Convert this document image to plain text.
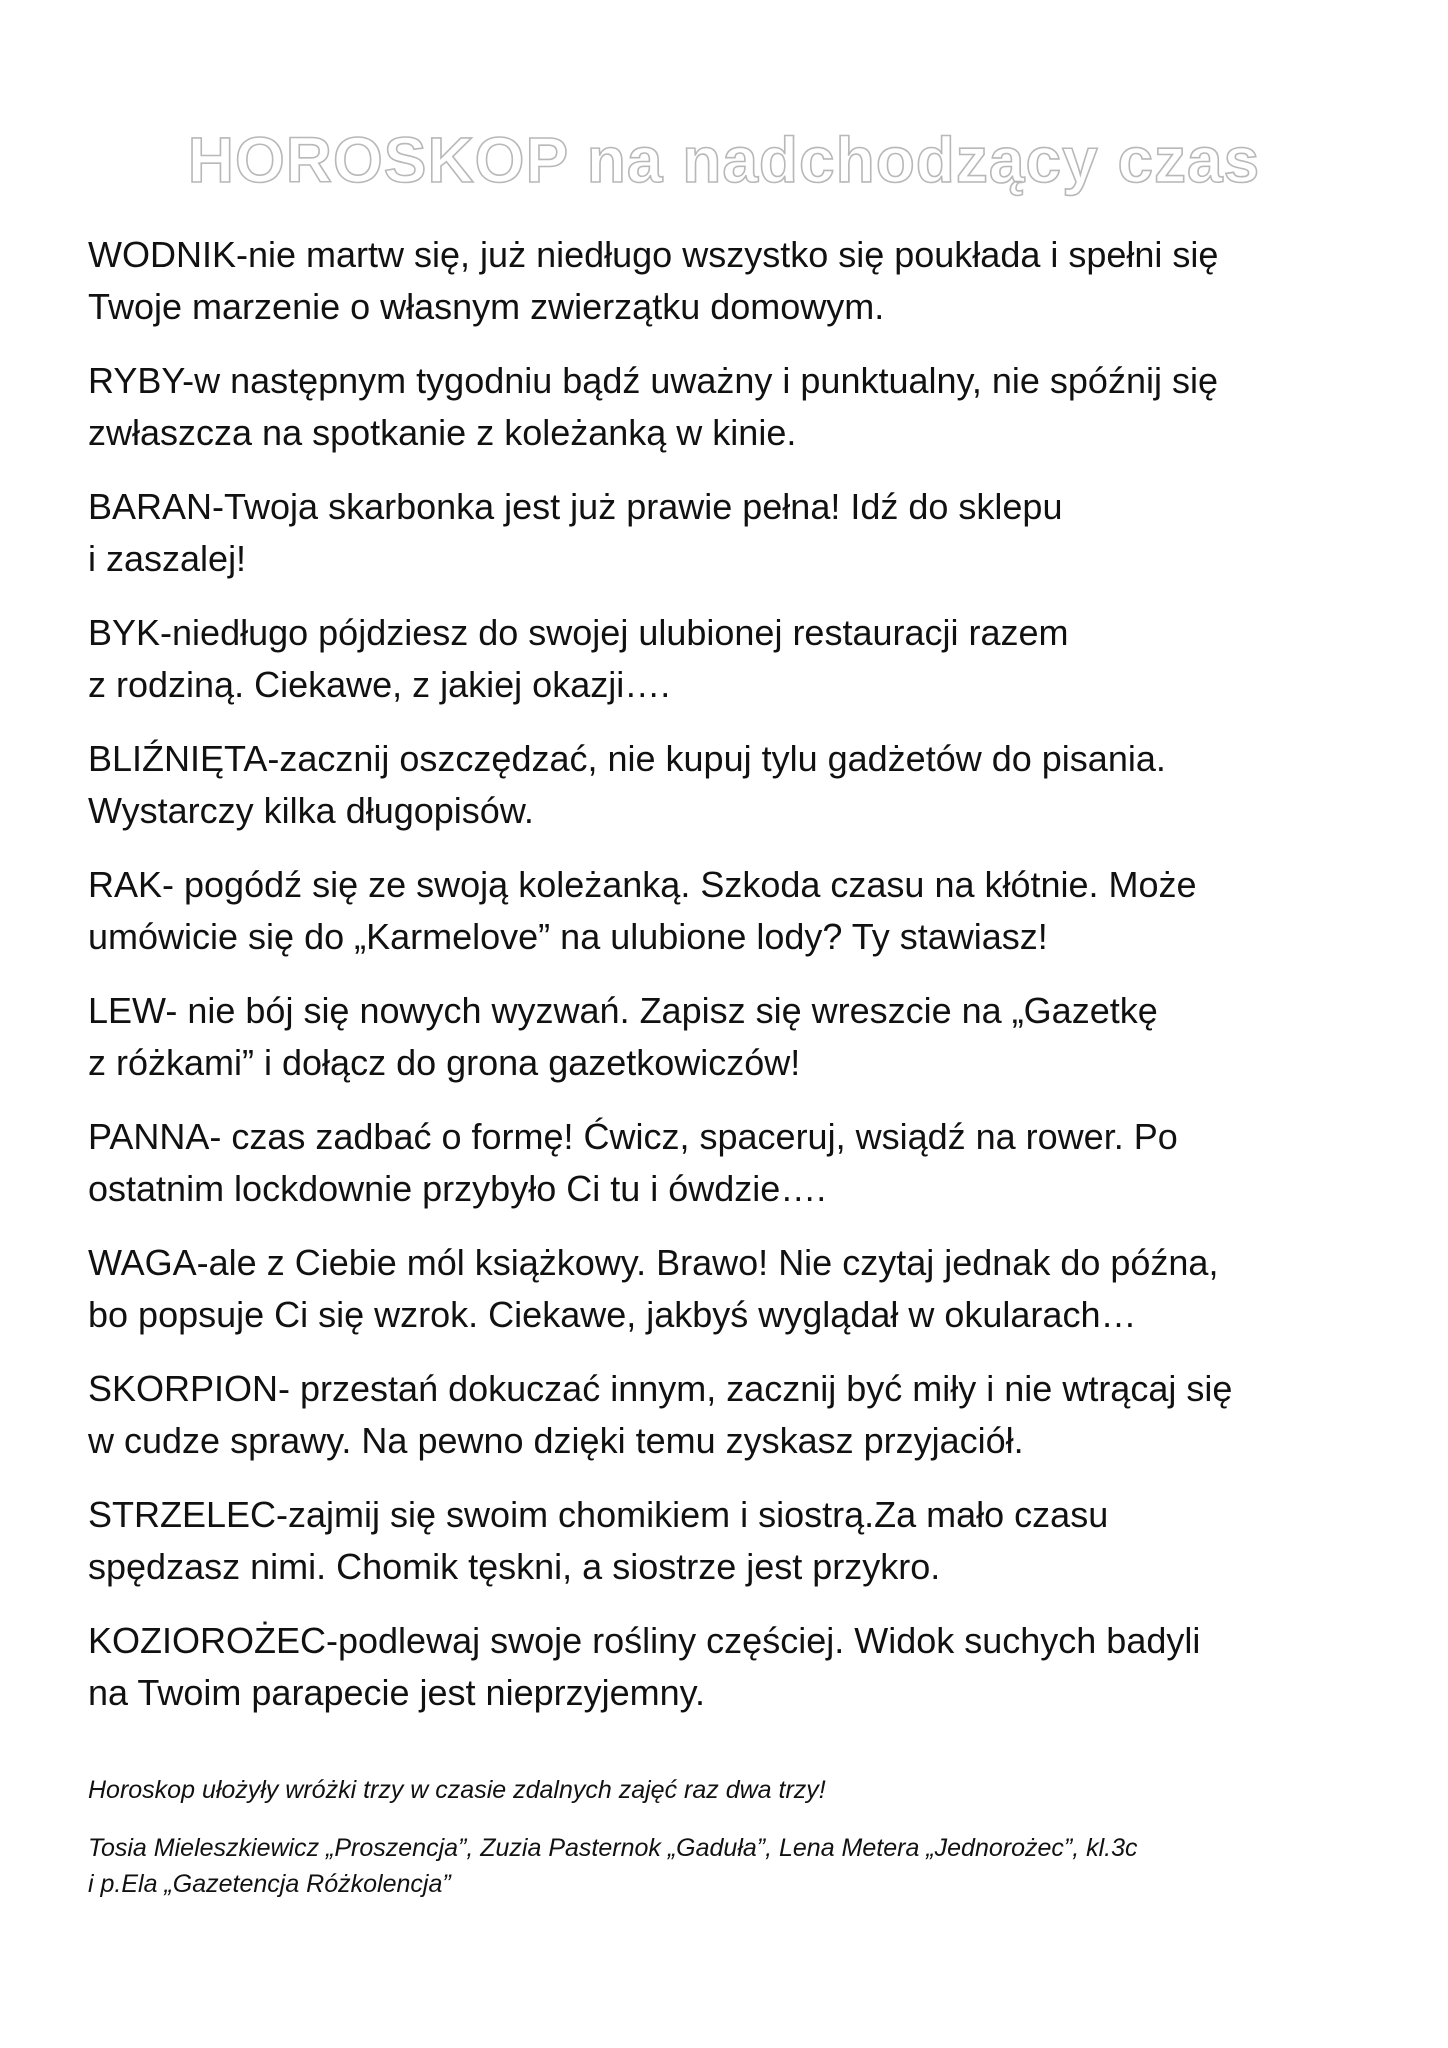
HOROSKOP na nadchodzący czas

WODNIK-nie martw się, już niedługo wszystko się poukłada i spełni się
Twoje marzenie o własnym zwierzątku domowym.

RYBY-w następnym tygodniu bądź uważny i punktualny, nie spóźnij się
zwłaszcza na spotkanie z koleżanką w kinie.

BARAN-Twoja skarbonka jest już prawie pełna! Idź do sklepu
i zaszalej!

BYK-niedługo pójdziesz do swojej ulubionej restauracji razem
z rodziną. Ciekawe, z jakiej okazji….

BLIŹNIĘTA-zacznij oszczędzać, nie kupuj tylu gadżetów do pisania.
Wystarczy kilka długopisów.

RAK- pogódź się ze swoją koleżanką. Szkoda czasu na kłótnie. Może
umówicie się do „Karmelove” na ulubione lody? Ty stawiasz!

LEW- nie bój się nowych wyzwań. Zapisz się wreszcie na „Gazetkę
z różkami” i dołącz do grona gazetkowiczów!

PANNA- czas zadbać o formę! Ćwicz, spaceruj, wsiądź na rower. Po
ostatnim lockdownie przybyło Ci tu i ówdzie….

WAGA-ale z Ciebie mól książkowy. Brawo! Nie czytaj jednak do późna,
bo popsuje Ci się wzrok. Ciekawe, jakbyś wyglądał w okularach…

SKORPION- przestań dokuczać innym, zacznij być miły i nie wtrącaj się
w cudze sprawy. Na pewno dzięki temu zyskasz przyjaciół.

STRZELEC-zajmij się swoim chomikiem i siostrą.Za mało czasu
spędzasz nimi. Chomik tęskni, a siostrze jest przykro.

KOZIOROŻEC-podlewaj swoje rośliny częściej. Widok suchych badyli
na Twoim parapecie jest nieprzyjemny.

Horoskop ułożyły wróżki trzy w czasie zdalnych zajęć raz dwa trzy!

Tosia Mieleszkiewicz „Proszencja”, Zuzia Pasternok „Gaduła”, Lena Metera „Jednorożec”, kl.3c
i p.Ela „Gazetencja Różkolencja”
